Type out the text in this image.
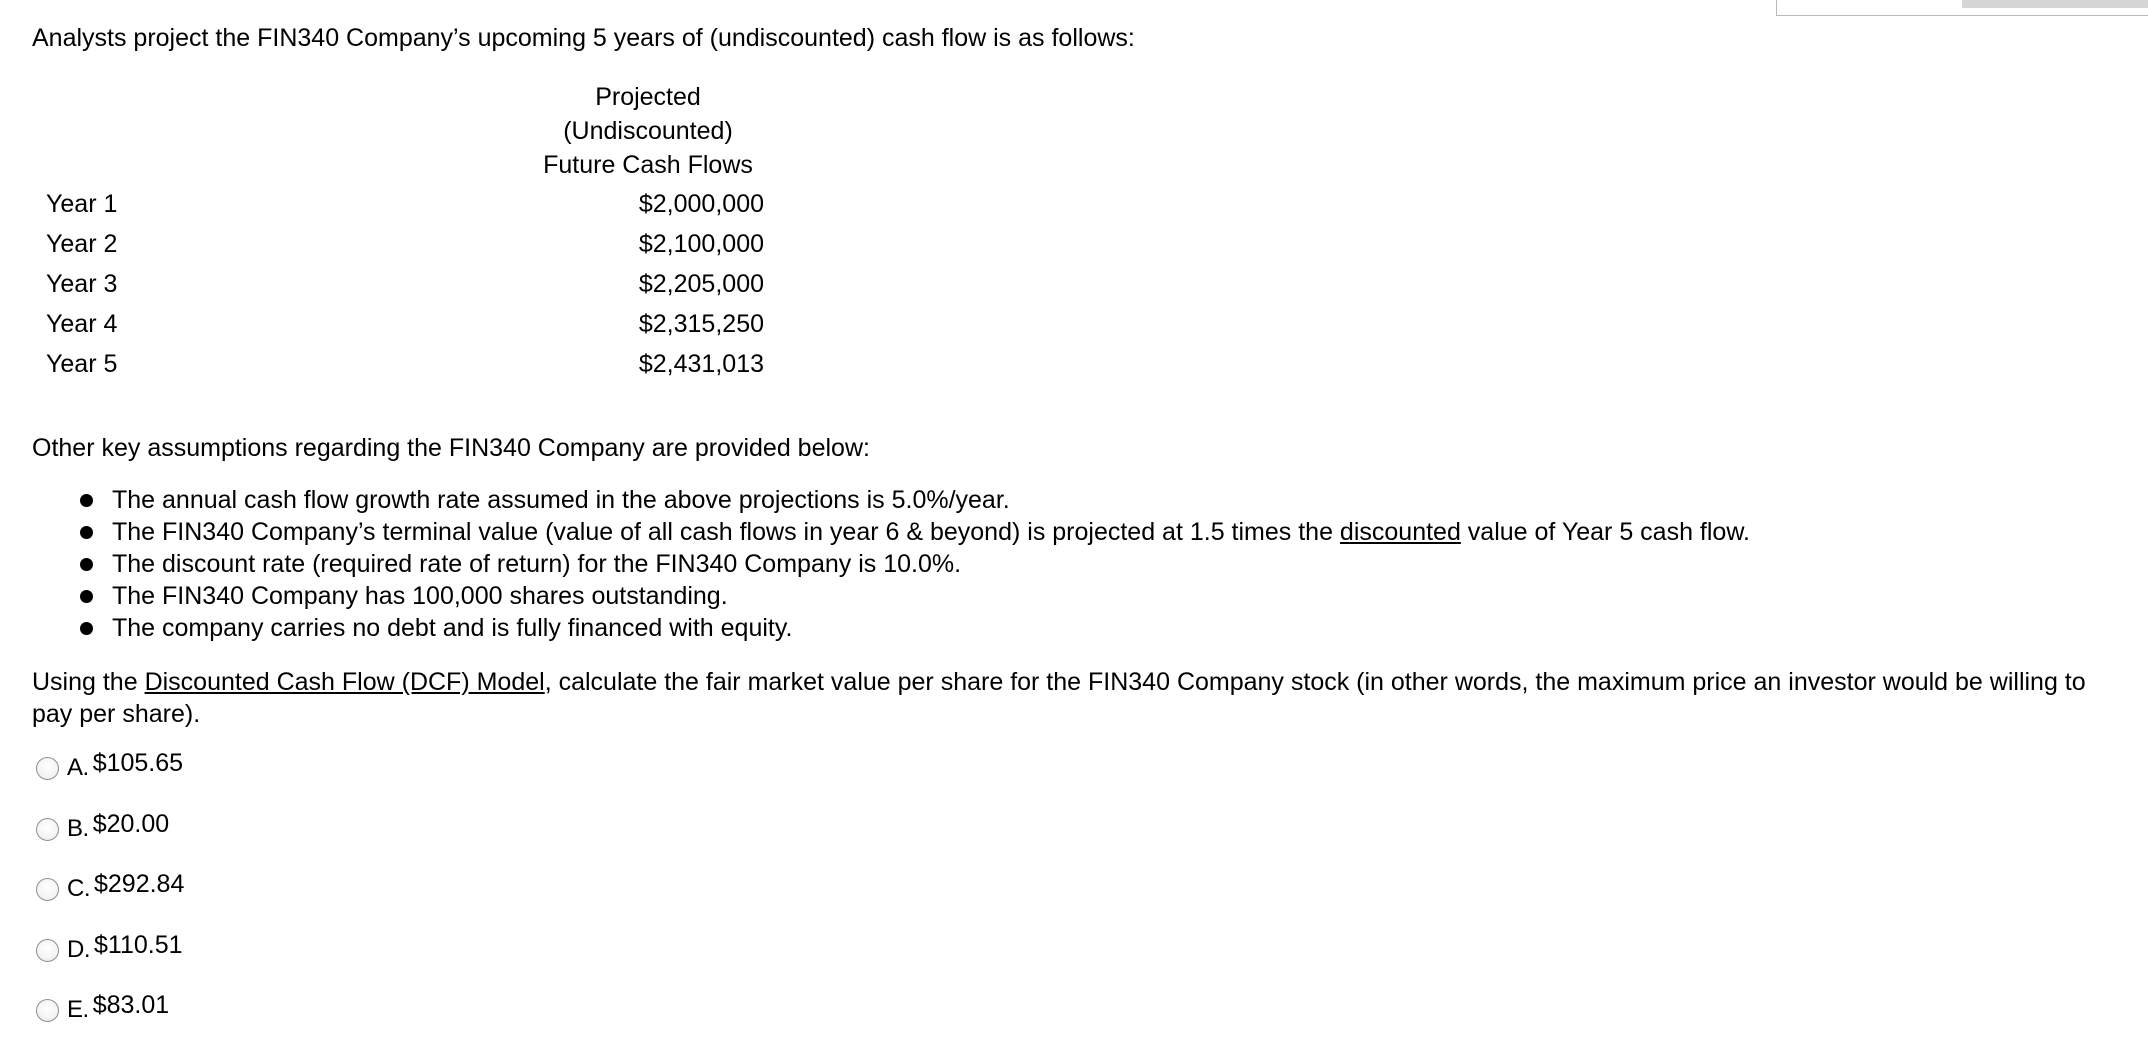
Analysts project the FIN340 Company’s upcoming 5 years of (undiscounted) cash flow is as follows:
Projected
(Undiscounted)
Future Cash Flows
Year 1	$2,000,000
Year 2	$2,100,000
Year 3	$2,205,000
Year 4	$2,315,250
Year 5	$2,431,013
Other key assumptions regarding the FIN340 Company are provided below:
The annual cash flow growth rate assumed in the above projections is 5.0%/year.
The FIN340 Company’s terminal value (value of all cash flows in year 6 & beyond) is projected at 1.5 times the discounted value of Year 5 cash flow.
The discount rate (required rate of return) for the FIN340 Company is 10.0%.
The FIN340 Company has 100,000 shares outstanding.
The company carries no debt and is fully financed with equity.
Using the Discounted Cash Flow (DCF) Model, calculate the fair market value per share for the FIN340 Company stock (in other words, the maximum price an investor would be willing to pay per share).
A. $105.65
B. $20.00
C. $292.84
D. $110.51
E. $83.01
